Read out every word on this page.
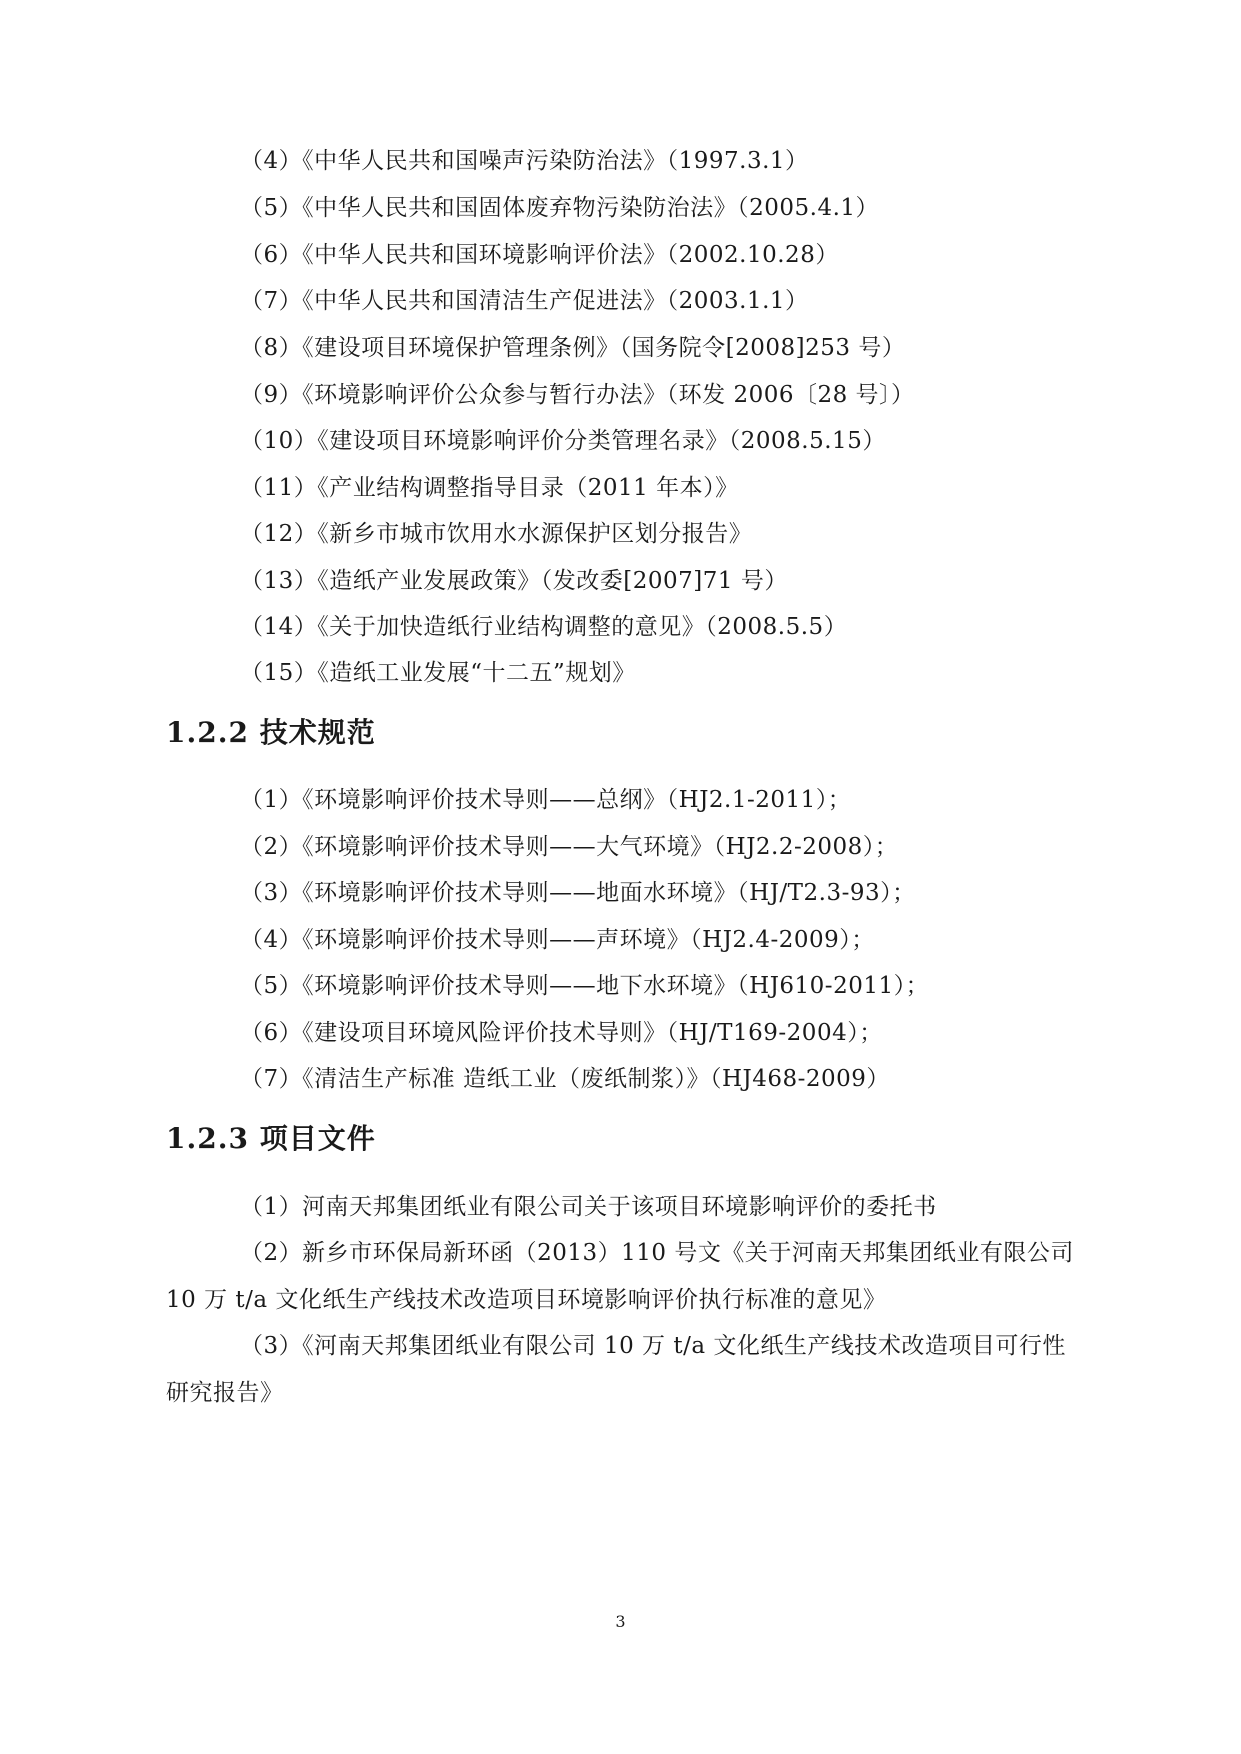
（4）《中华人民共和国噪声污染防治法》（1997.3.1）
（5）《中华人民共和国固体废弃物污染防治法》（2005.4.1）
（6）《中华人民共和国环境影响评价法》（2002.10.28）
（7）《中华人民共和国清洁生产促进法》（2003.1.1）
（8）《建设项目环境保护管理条例》（国务院令[2008]253 号）
（9）《环境影响评价公众参与暂行办法》（环发 2006〔28 号〕）
（10）《建设项目环境影响评价分类管理名录》（2008.5.15）
（11）《产业结构调整指导目录（2011 年本）》
（12）《新乡市城市饮用水水源保护区划分报告》
（13）《造纸产业发展政策》（发改委[2007]71 号）
（14）《关于加快造纸行业结构调整的意见》（2008.5.5）
（15）《造纸工业发展“十二五”规划》
1.2.2 技术规范
（1）《环境影响评价技术导则——总纲》（HJ2.1-2011）；
（2）《环境影响评价技术导则——大气环境》（HJ2.2-2008）；
（3）《环境影响评价技术导则——地面水环境》（HJ/T2.3-93）；
（4）《环境影响评价技术导则——声环境》（HJ2.4-2009）；
（5）《环境影响评价技术导则——地下水环境》（HJ610-2011）；
（6）《建设项目环境风险评价技术导则》（HJ/T169-2004）；
（7）《清洁生产标准 造纸工业（废纸制浆）》（HJ468-2009）
1.2.3 项目文件
（1）河南天邦集团纸业有限公司关于该项目环境影响评价的委托书
（2）新乡市环保局新环函（2013）110 号文《关于河南天邦集团纸业有限公司
10 万 t/a 文化纸生产线技术改造项目环境影响评价执行标准的意见》
（3）《河南天邦集团纸业有限公司 10 万 t/a 文化纸生产线技术改造项目可行性
研究报告》
3
